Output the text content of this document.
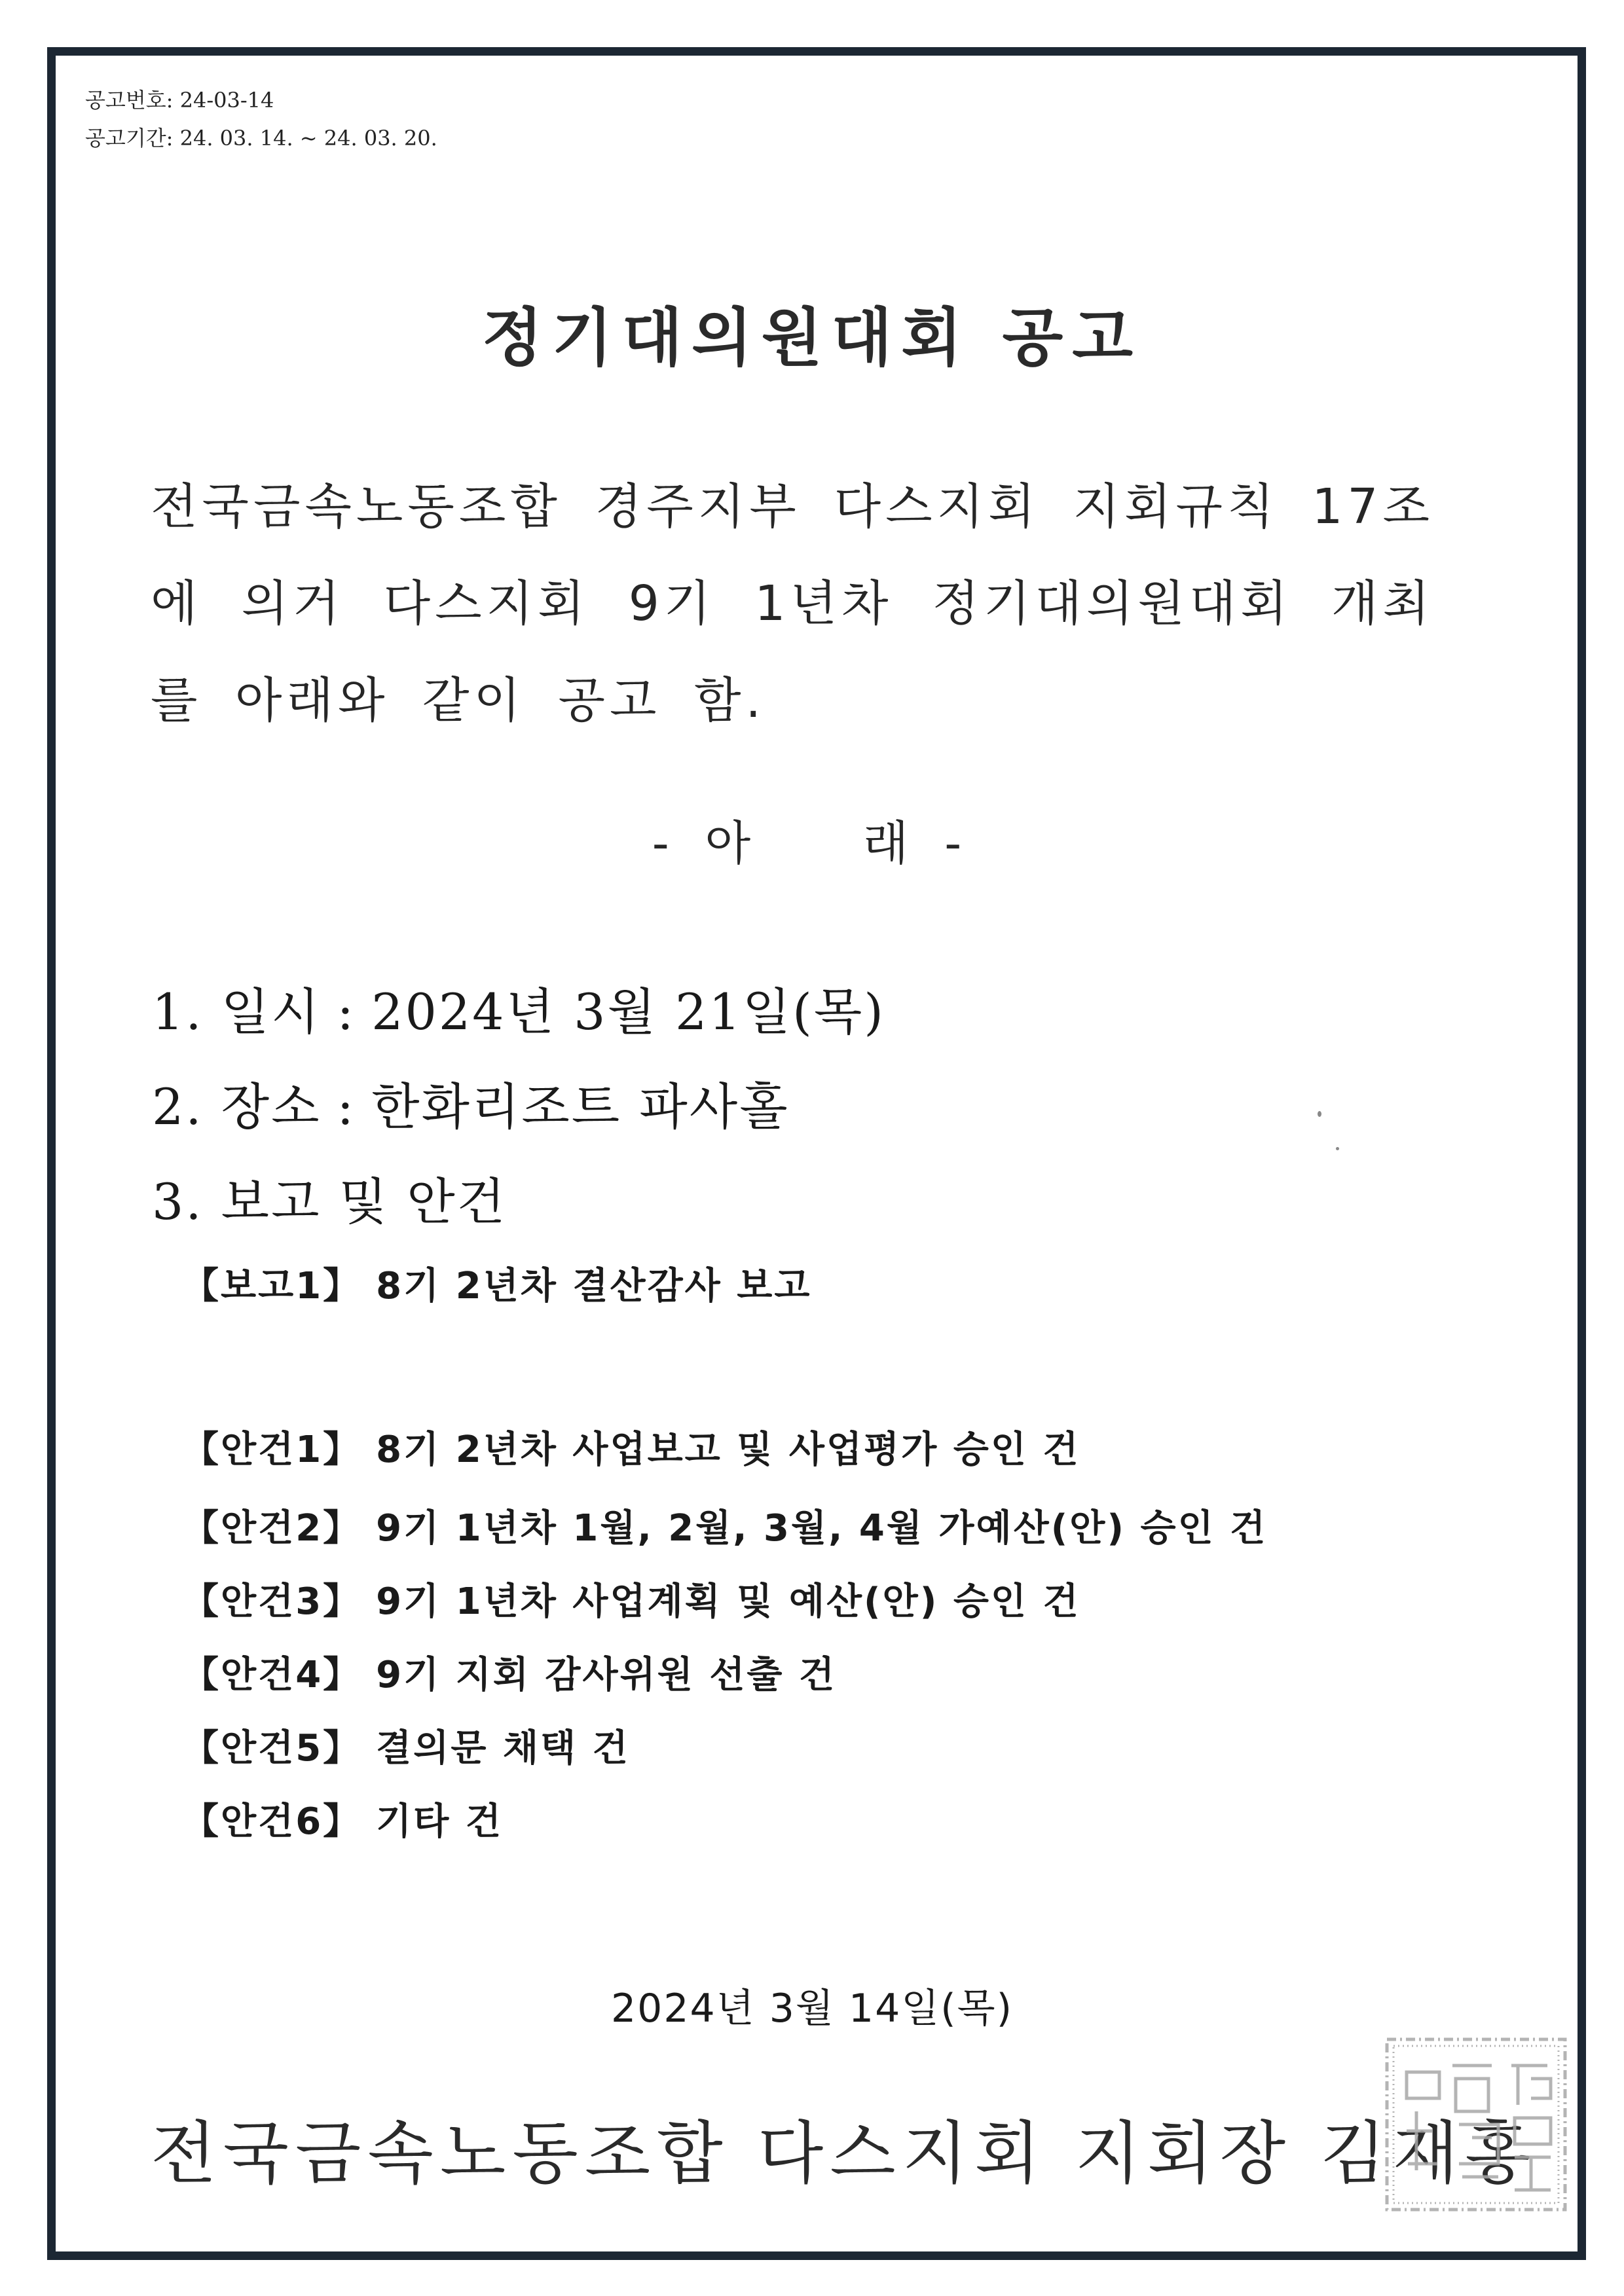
공고번호: 24-03-14
공고기간: 24. 03. 14. ~ 24. 03. 20.
정기대의원대회 공고
전국금속노동조합 경주지부 다스지회 지회규칙 17조에 의거 다스지회 9기 1년차 정기대의원대회 개최를 아래와 같이 공고 함.
- 아    래 -
1. 일시 : 2024년 3월 21일(목)
2. 장소 : 한화리조트 파사홀
3. 보고 및 안건
【보고1】 8기 2년차 결산감사 보고
【안건1】 8기 2년차 사업보고 및 사업평가 승인 건
【안건2】 9기 1년차 1월, 2월, 3월, 4월 가예산(안) 승인 건
【안건3】 9기 1년차 사업계획 및 예산(안) 승인 건
【안건4】 9기 지회 감사위원 선출 건
【안건5】 결의문 채택 건
【안건6】 기타 건
2024년 3월 14일(목)
전국금속노동조합 다스지회 지회장 김재홍
